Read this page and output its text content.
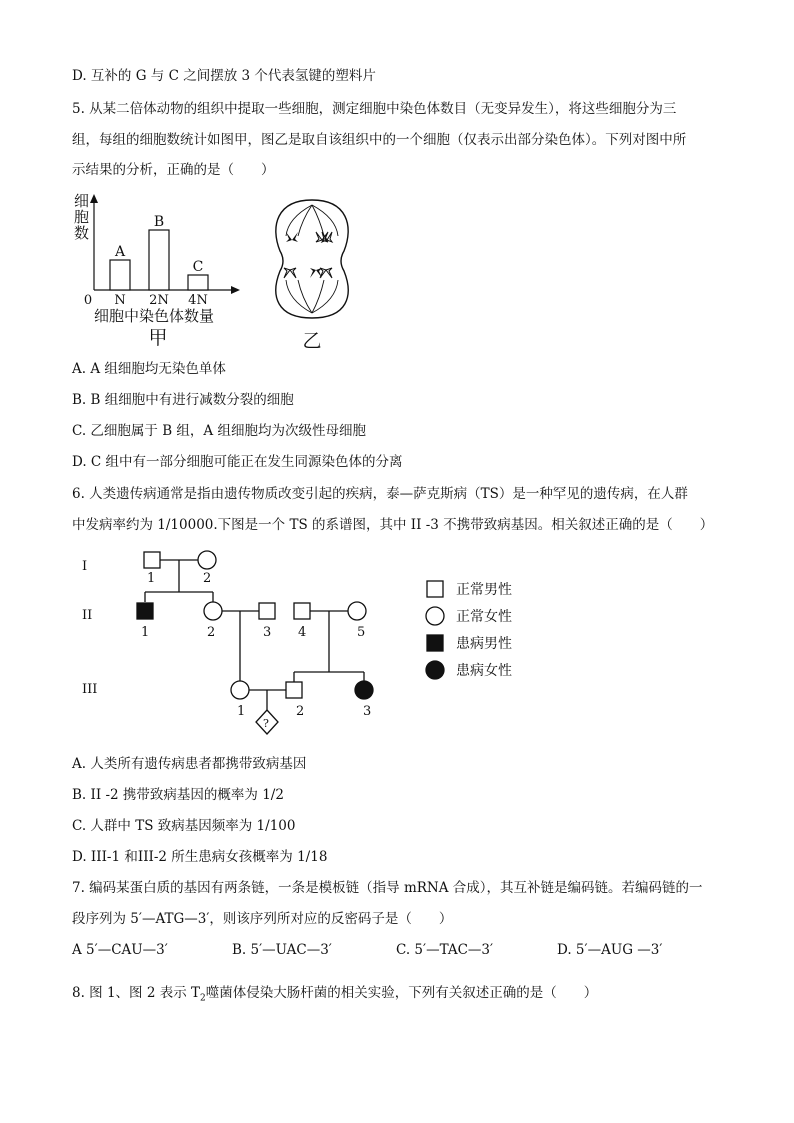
D. 互补的 G 与 C 之间摆放 3 个代表氢键的塑料片
5. 从某二倍体动物的组织中提取一些细胞，测定细胞中染色体数目（无变异发生），将这些细胞分为三
组，每组的细胞数统计如图甲，图乙是取自该组织中的一个细胞（仅表示出部分染色体）。下列对图中所
示结果的分析，正确的是（　　）
细
胞
数
0
A
N
B
2N
C
4N
细胞中染色体数量
甲	乙
A. A 组细胞均无染色单体
B. B 组细胞中有进行减数分裂的细胞
C. 乙细胞属于 B 组，A 组细胞均为次级性母细胞
D. C 组中有一部分细胞可能正在发生同源染色体的分离
6. 人类遗传病通常是指由遗传物质改变引起的疾病，泰—萨克斯病（TS）是一种罕见的遗传病，在人群
中发病率约为 1/10000.下图是一个 TS 的系谱图，其中 II -3 不携带致病基因。相关叙述正确的是（　　）
I
II
III
1	2
1	2	3 4	5
1	2	3
?
正常男性
正常女性
患病男性
患病女性
A. 人类所有遗传病患者都携带致病基因
B. II -2 携带致病基因的概率为 1/2
C. 人群中 TS 致病基因频率为 1/100
D. III-1 和III-2 所生患病女孩概率为 1/18
7. 编码某蛋白质的基因有两条链，一条是模板链（指导 mRNA 合成），其互补链是编码链。若编码链的一
段序列为 5′—ATG—3′，则该序列所对应的反密码子是（　　）
A 5′—CAU—3′	B. 5′—UAC—3′	C. 5′—TAC—3′	D. 5′—AUG —3′
8. 图 1、图 2 表示 $T_2$噬菌体侵染大肠杆菌的相关实验，下列有关叙述正确的是（　　）
